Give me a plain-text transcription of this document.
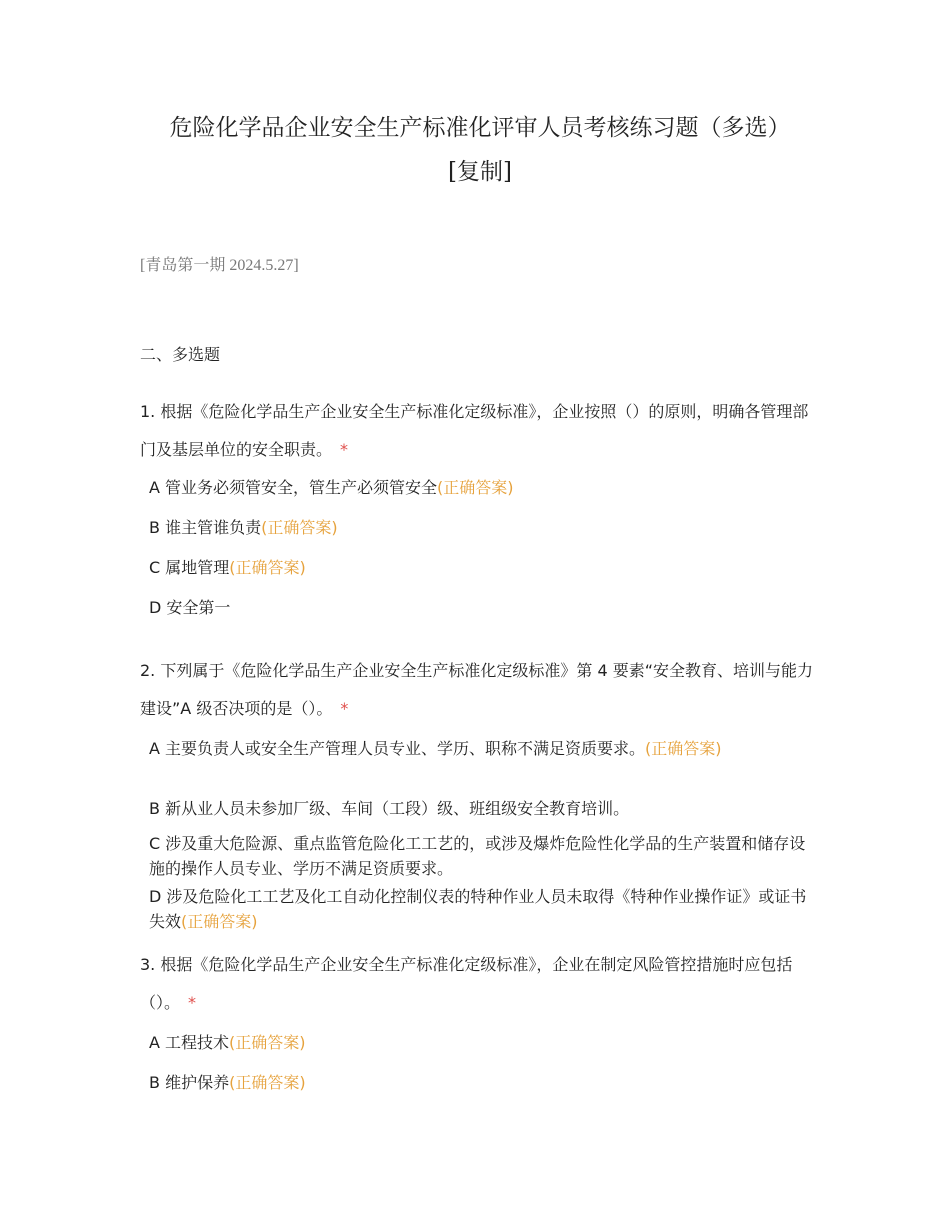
危险化学品企业安全生产标准化评审人员考核练习题（多选）[复制]
[青岛第一期 2024.5.27]
二、多选题

1. 根据《危险化学品生产企业安全生产标准化定级标准》，企业按照（）的原则，明确各管理部门及基层单位的安全职责。 *

A 管业务必须管安全，管生产必须管安全(正确答案)
B 谁主管谁负责(正确答案)
C 属地管理(正确答案)
D 安全第一

2. 下列属于《危险化学品生产企业安全生产标准化定级标准》第 4 要素“安全教育、培训与能力建设”A 级否决项的是（）。 *

A 主要负责人或安全生产管理人员专业、学历、职称不满足资质要求。(正确答案)
B 新从业人员未参加厂级、车间（工段）级、班组级安全教育培训。
C 涉及重大危险源、重点监管危险化工工艺的，或涉及爆炸危险性化学品的生产装置和储存设施的操作人员专业、学历不满足资质要求。
D 涉及危险化工工艺及化工自动化控制仪表的特种作业人员未取得《特种作业操作证》或证书失效(正确答案)

3. 根据《危险化学品生产企业安全生产标准化定级标准》，企业在制定风险管控措施时应包括（）。 *

A 工程技术(正确答案)
B 维护保养(正确答案)
